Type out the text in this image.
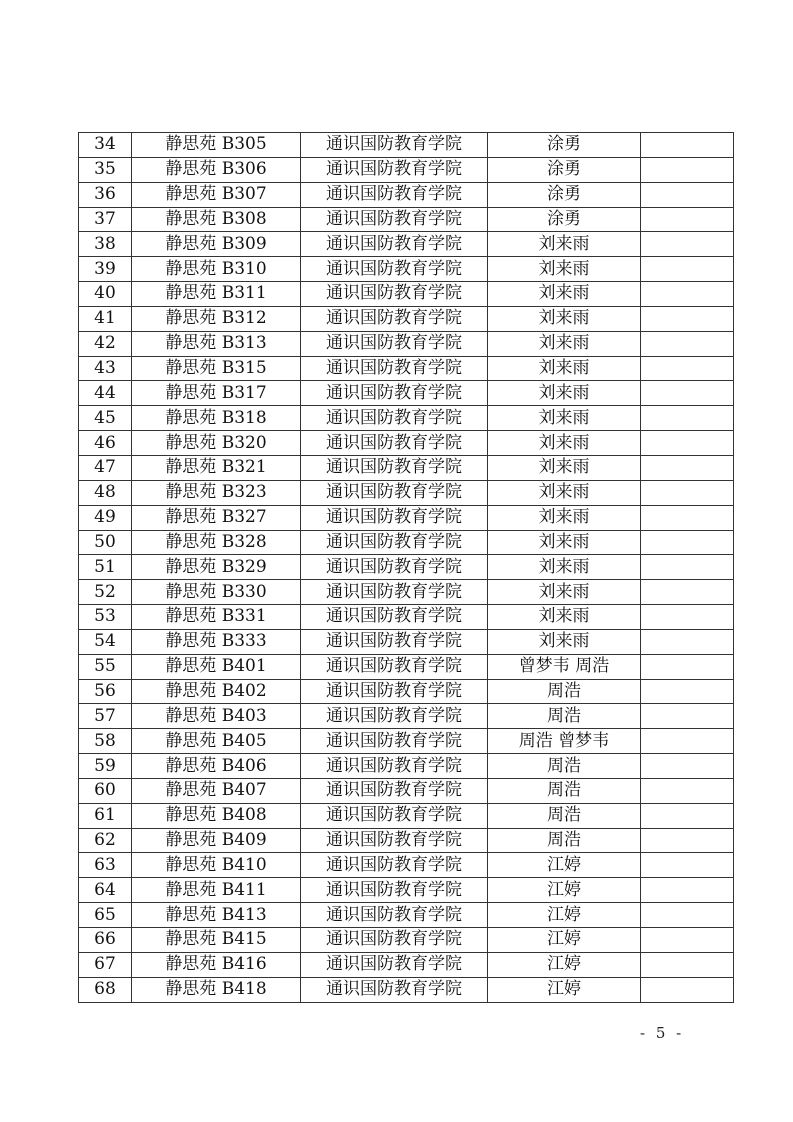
34	静思苑 B305	通识国防教育学院	涂勇	
35	静思苑 B306	通识国防教育学院	涂勇	
36	静思苑 B307	通识国防教育学院	涂勇	
37	静思苑 B308	通识国防教育学院	涂勇	
38	静思苑 B309	通识国防教育学院	刘来雨	
39	静思苑 B310	通识国防教育学院	刘来雨	
40	静思苑 B311	通识国防教育学院	刘来雨	
41	静思苑 B312	通识国防教育学院	刘来雨	
42	静思苑 B313	通识国防教育学院	刘来雨	
43	静思苑 B315	通识国防教育学院	刘来雨	
44	静思苑 B317	通识国防教育学院	刘来雨	
45	静思苑 B318	通识国防教育学院	刘来雨	
46	静思苑 B320	通识国防教育学院	刘来雨	
47	静思苑 B321	通识国防教育学院	刘来雨	
48	静思苑 B323	通识国防教育学院	刘来雨	
49	静思苑 B327	通识国防教育学院	刘来雨	
50	静思苑 B328	通识国防教育学院	刘来雨	
51	静思苑 B329	通识国防教育学院	刘来雨	
52	静思苑 B330	通识国防教育学院	刘来雨	
53	静思苑 B331	通识国防教育学院	刘来雨	
54	静思苑 B333	通识国防教育学院	刘来雨	
55	静思苑 B401	通识国防教育学院	曾梦韦 周浩	
56	静思苑 B402	通识国防教育学院	周浩	
57	静思苑 B403	通识国防教育学院	周浩	
58	静思苑 B405	通识国防教育学院	周浩 曾梦韦	
59	静思苑 B406	通识国防教育学院	周浩	
60	静思苑 B407	通识国防教育学院	周浩	
61	静思苑 B408	通识国防教育学院	周浩	
62	静思苑 B409	通识国防教育学院	周浩	
63	静思苑 B410	通识国防教育学院	江婷	
64	静思苑 B411	通识国防教育学院	江婷	
65	静思苑 B413	通识国防教育学院	江婷	
66	静思苑 B415	通识国防教育学院	江婷	
67	静思苑 B416	通识国防教育学院	江婷	
68	静思苑 B418	通识国防教育学院	江婷	
- 5 -
